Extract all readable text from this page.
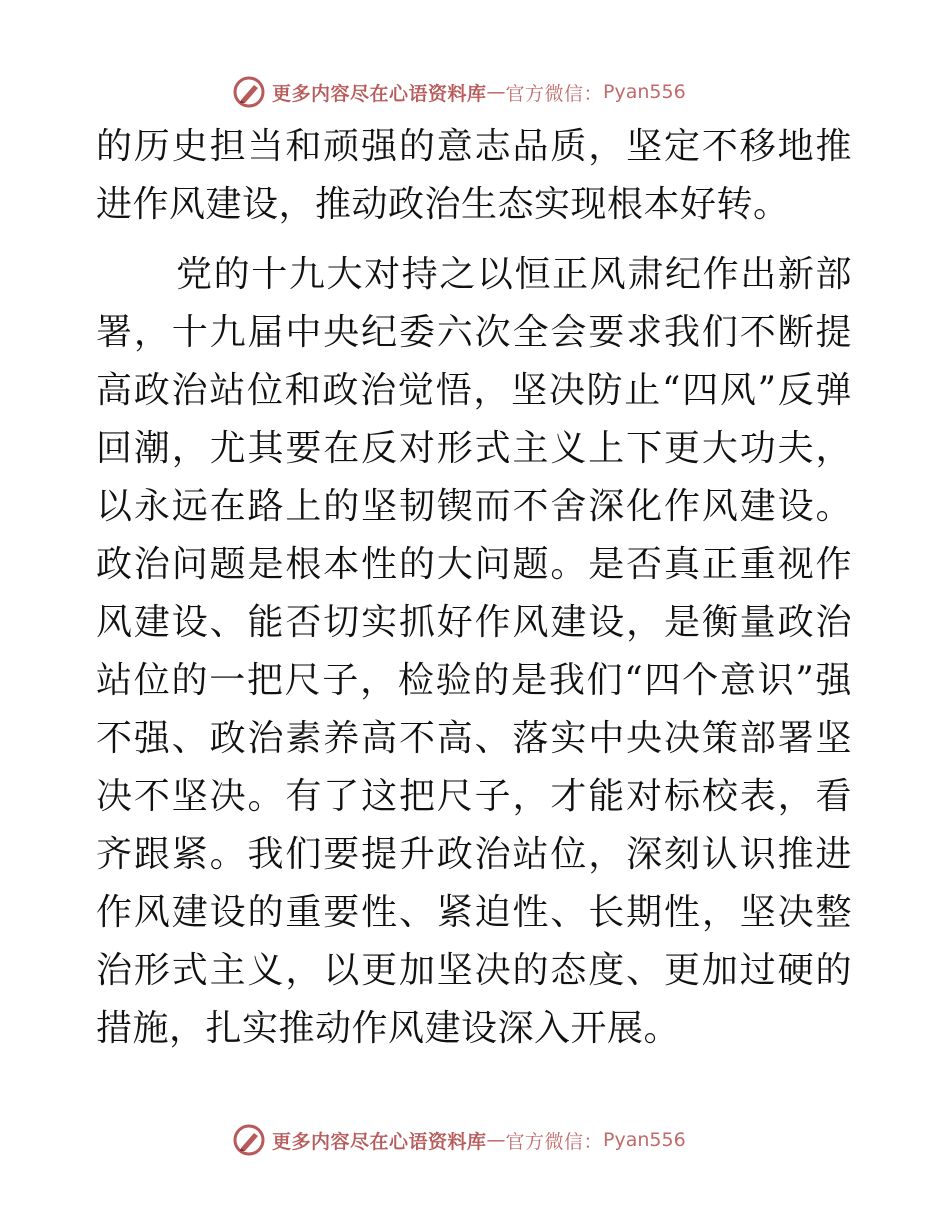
更多内容尽在心语资料库 — 官方微信： Pyan556

的历史担当和顽强的意志品质，坚定不移地推进作风建设，推动政治生态实现根本好转。

党的十九大对持之以恒正风肃纪作出新部署，十九届中央纪委六次全会要求我们不断提高政治站位和政治觉悟，坚决防止“四风”反弹回潮，尤其要在反对形式主义上下更大功夫，以永远在路上的坚韧锲而不舍深化作风建设。政治问题是根本性的大问题。是否真正重视作风建设、能否切实抓好作风建设，是衡量政治站位的一把尺子，检验的是我们“四个意识”强不强、政治素养高不高、落实中央决策部署坚决不坚决。有了这把尺子，才能对标校表，看齐跟紧。我们要提升政治站位，深刻认识推进作风建设的重要性、紧迫性、长期性，坚决整治形式主义，以更加坚决的态度、更加过硬的措施，扎实推动作风建设深入开展。

更多内容尽在心语资料库 — 官方微信： Pyan556
